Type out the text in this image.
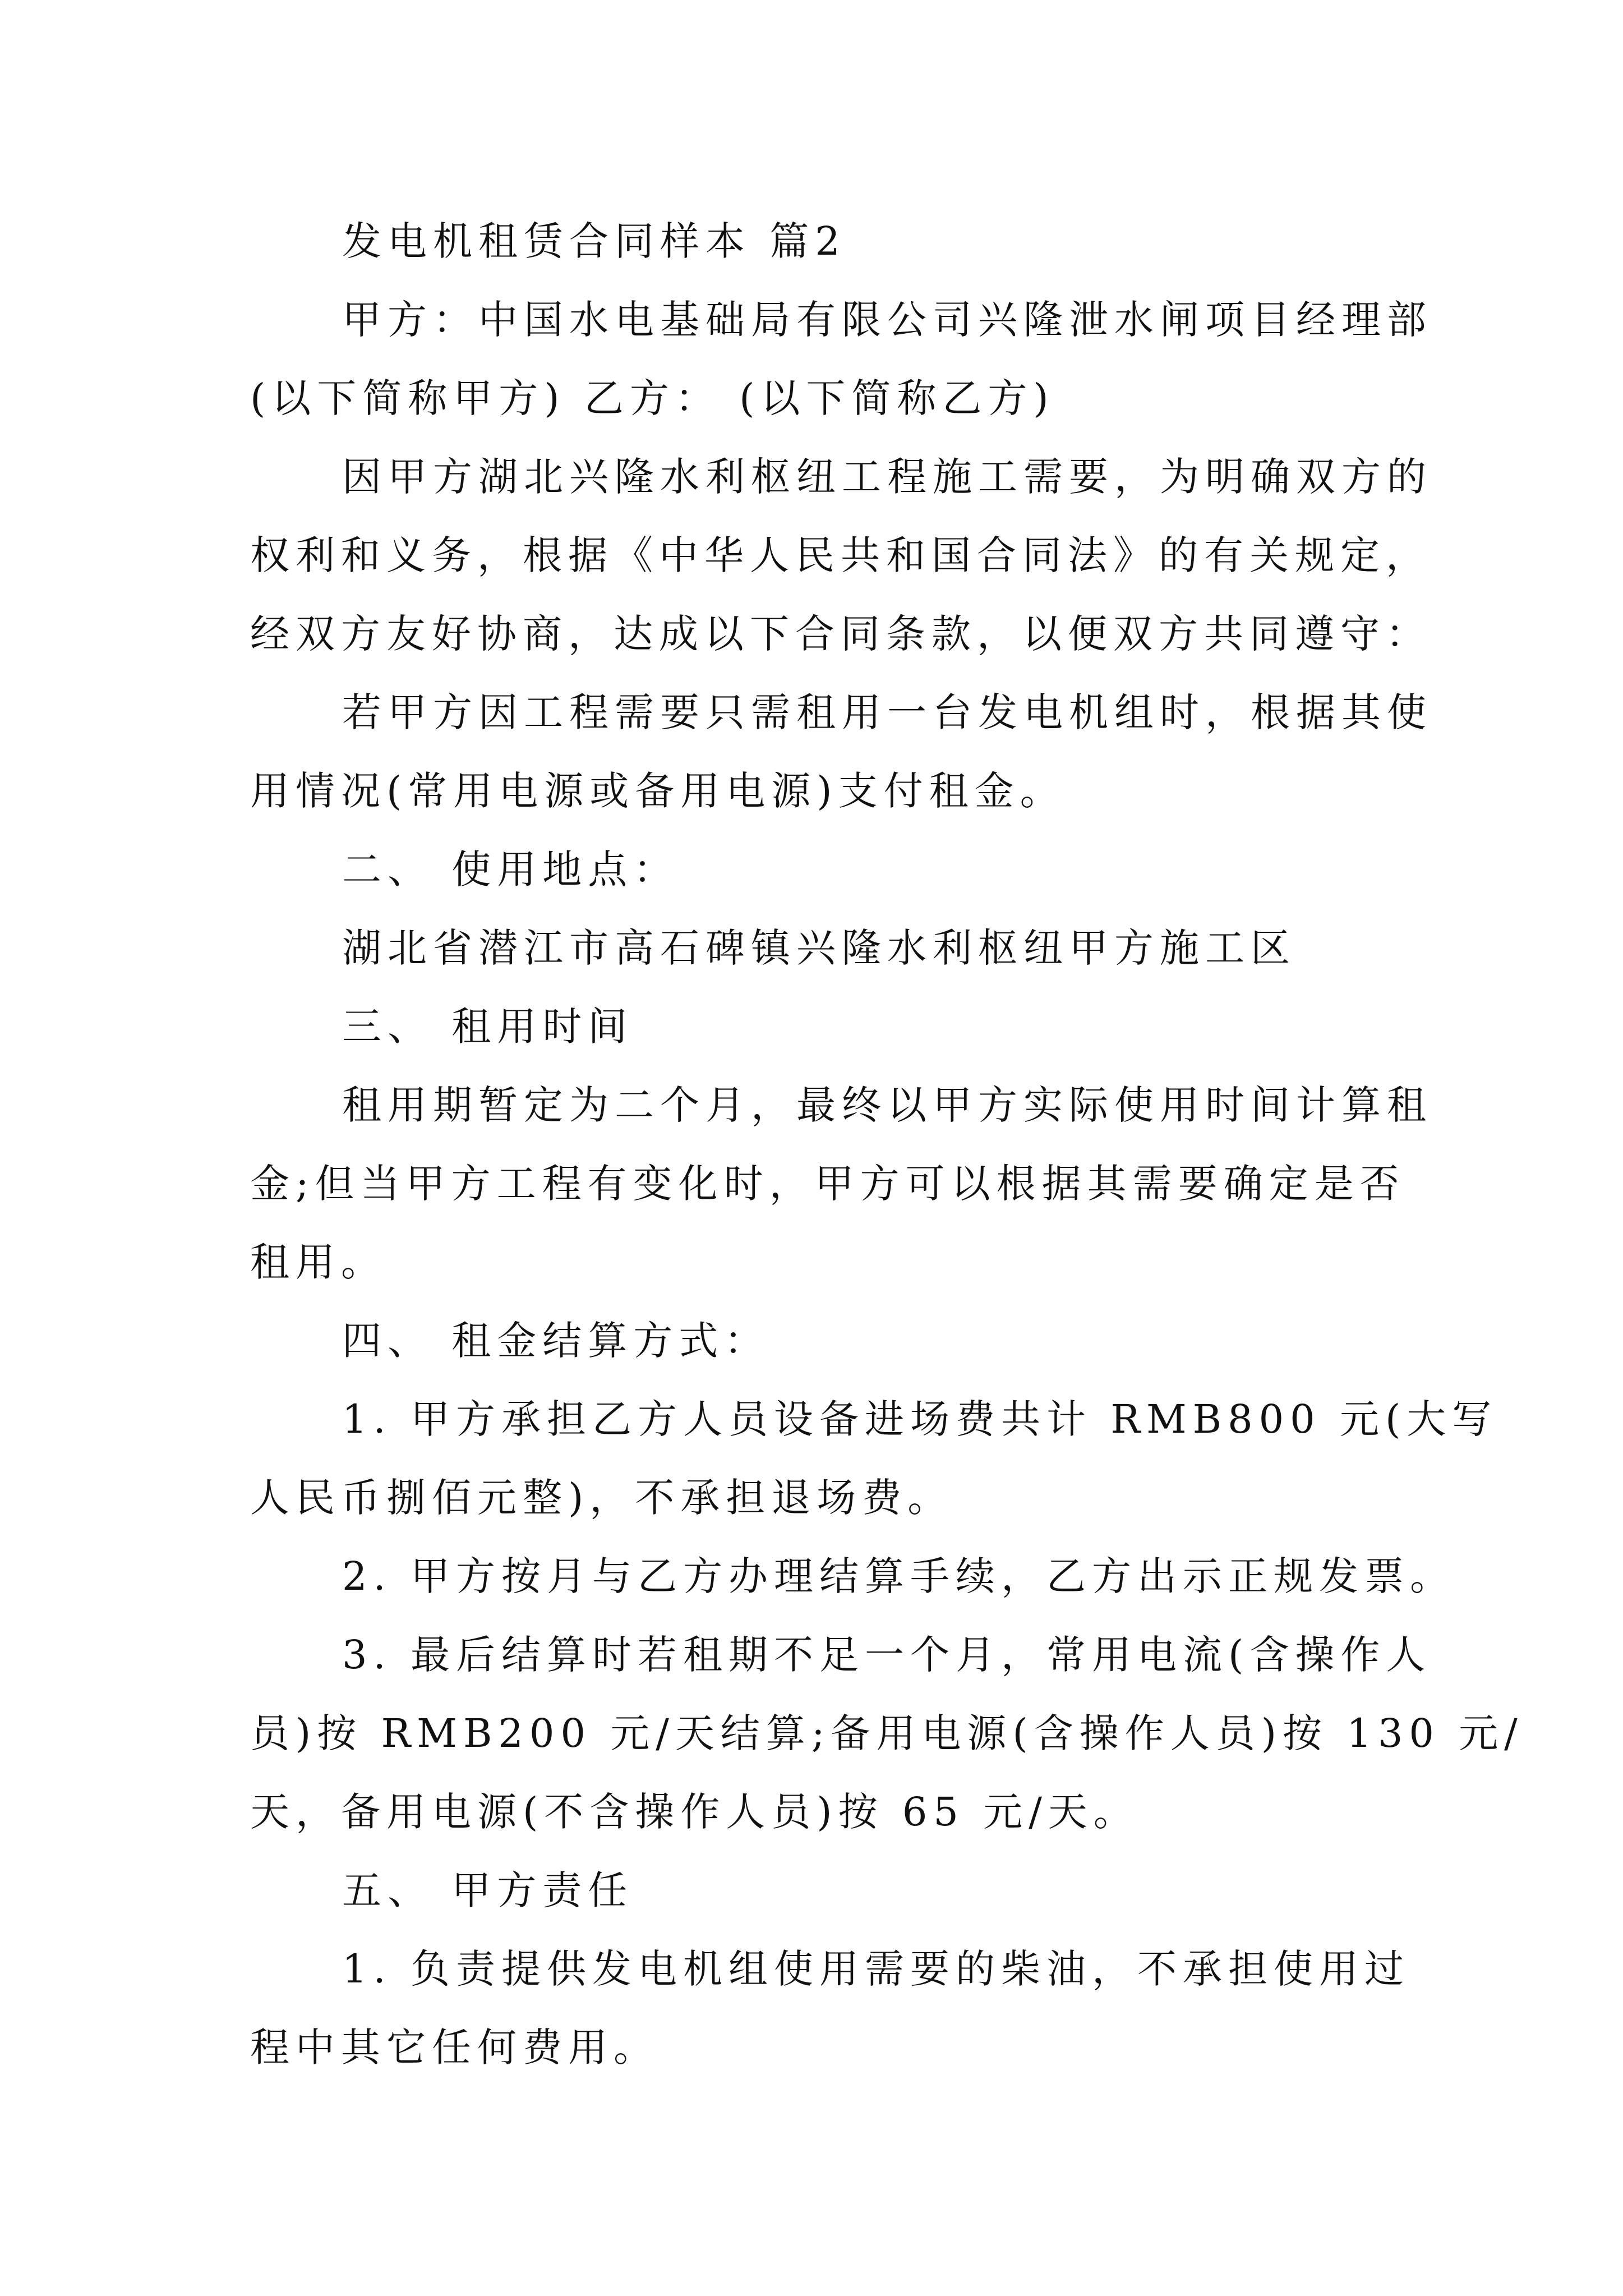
发电机租赁合同样本 篇2
甲方：中国水电基础局有限公司兴隆泄水闸项目经理部
(以下简称甲方) 乙方： (以下简称乙方)
因甲方湖北兴隆水利枢纽工程施工需要，为明确双方的
权利和义务，根据《中华人民共和国合同法》的有关规定，
经双方友好协商，达成以下合同条款，以便双方共同遵守：
若甲方因工程需要只需租用一台发电机组时，根据其使
用情况(常用电源或备用电源)支付租金。
二、 使用地点：
湖北省潜江市高石碑镇兴隆水利枢纽甲方施工区
三、 租用时间
租用期暂定为二个月，最终以甲方实际使用时间计算租
金;但当甲方工程有变化时，甲方可以根据其需要确定是否
租用。
四、 租金结算方式：
1. 甲方承担乙方人员设备进场费共计 RMB800 元(大写
人民币捌佰元整)，不承担退场费。
2. 甲方按月与乙方办理结算手续，乙方出示正规发票。
3. 最后结算时若租期不足一个月，常用电流(含操作人
员)按 RMB200 元/天结算;备用电源(含操作人员)按 130 元/
天，备用电源(不含操作人员)按 65 元/天。
五、 甲方责任
1. 负责提供发电机组使用需要的柴油，不承担使用过
程中其它任何费用。
